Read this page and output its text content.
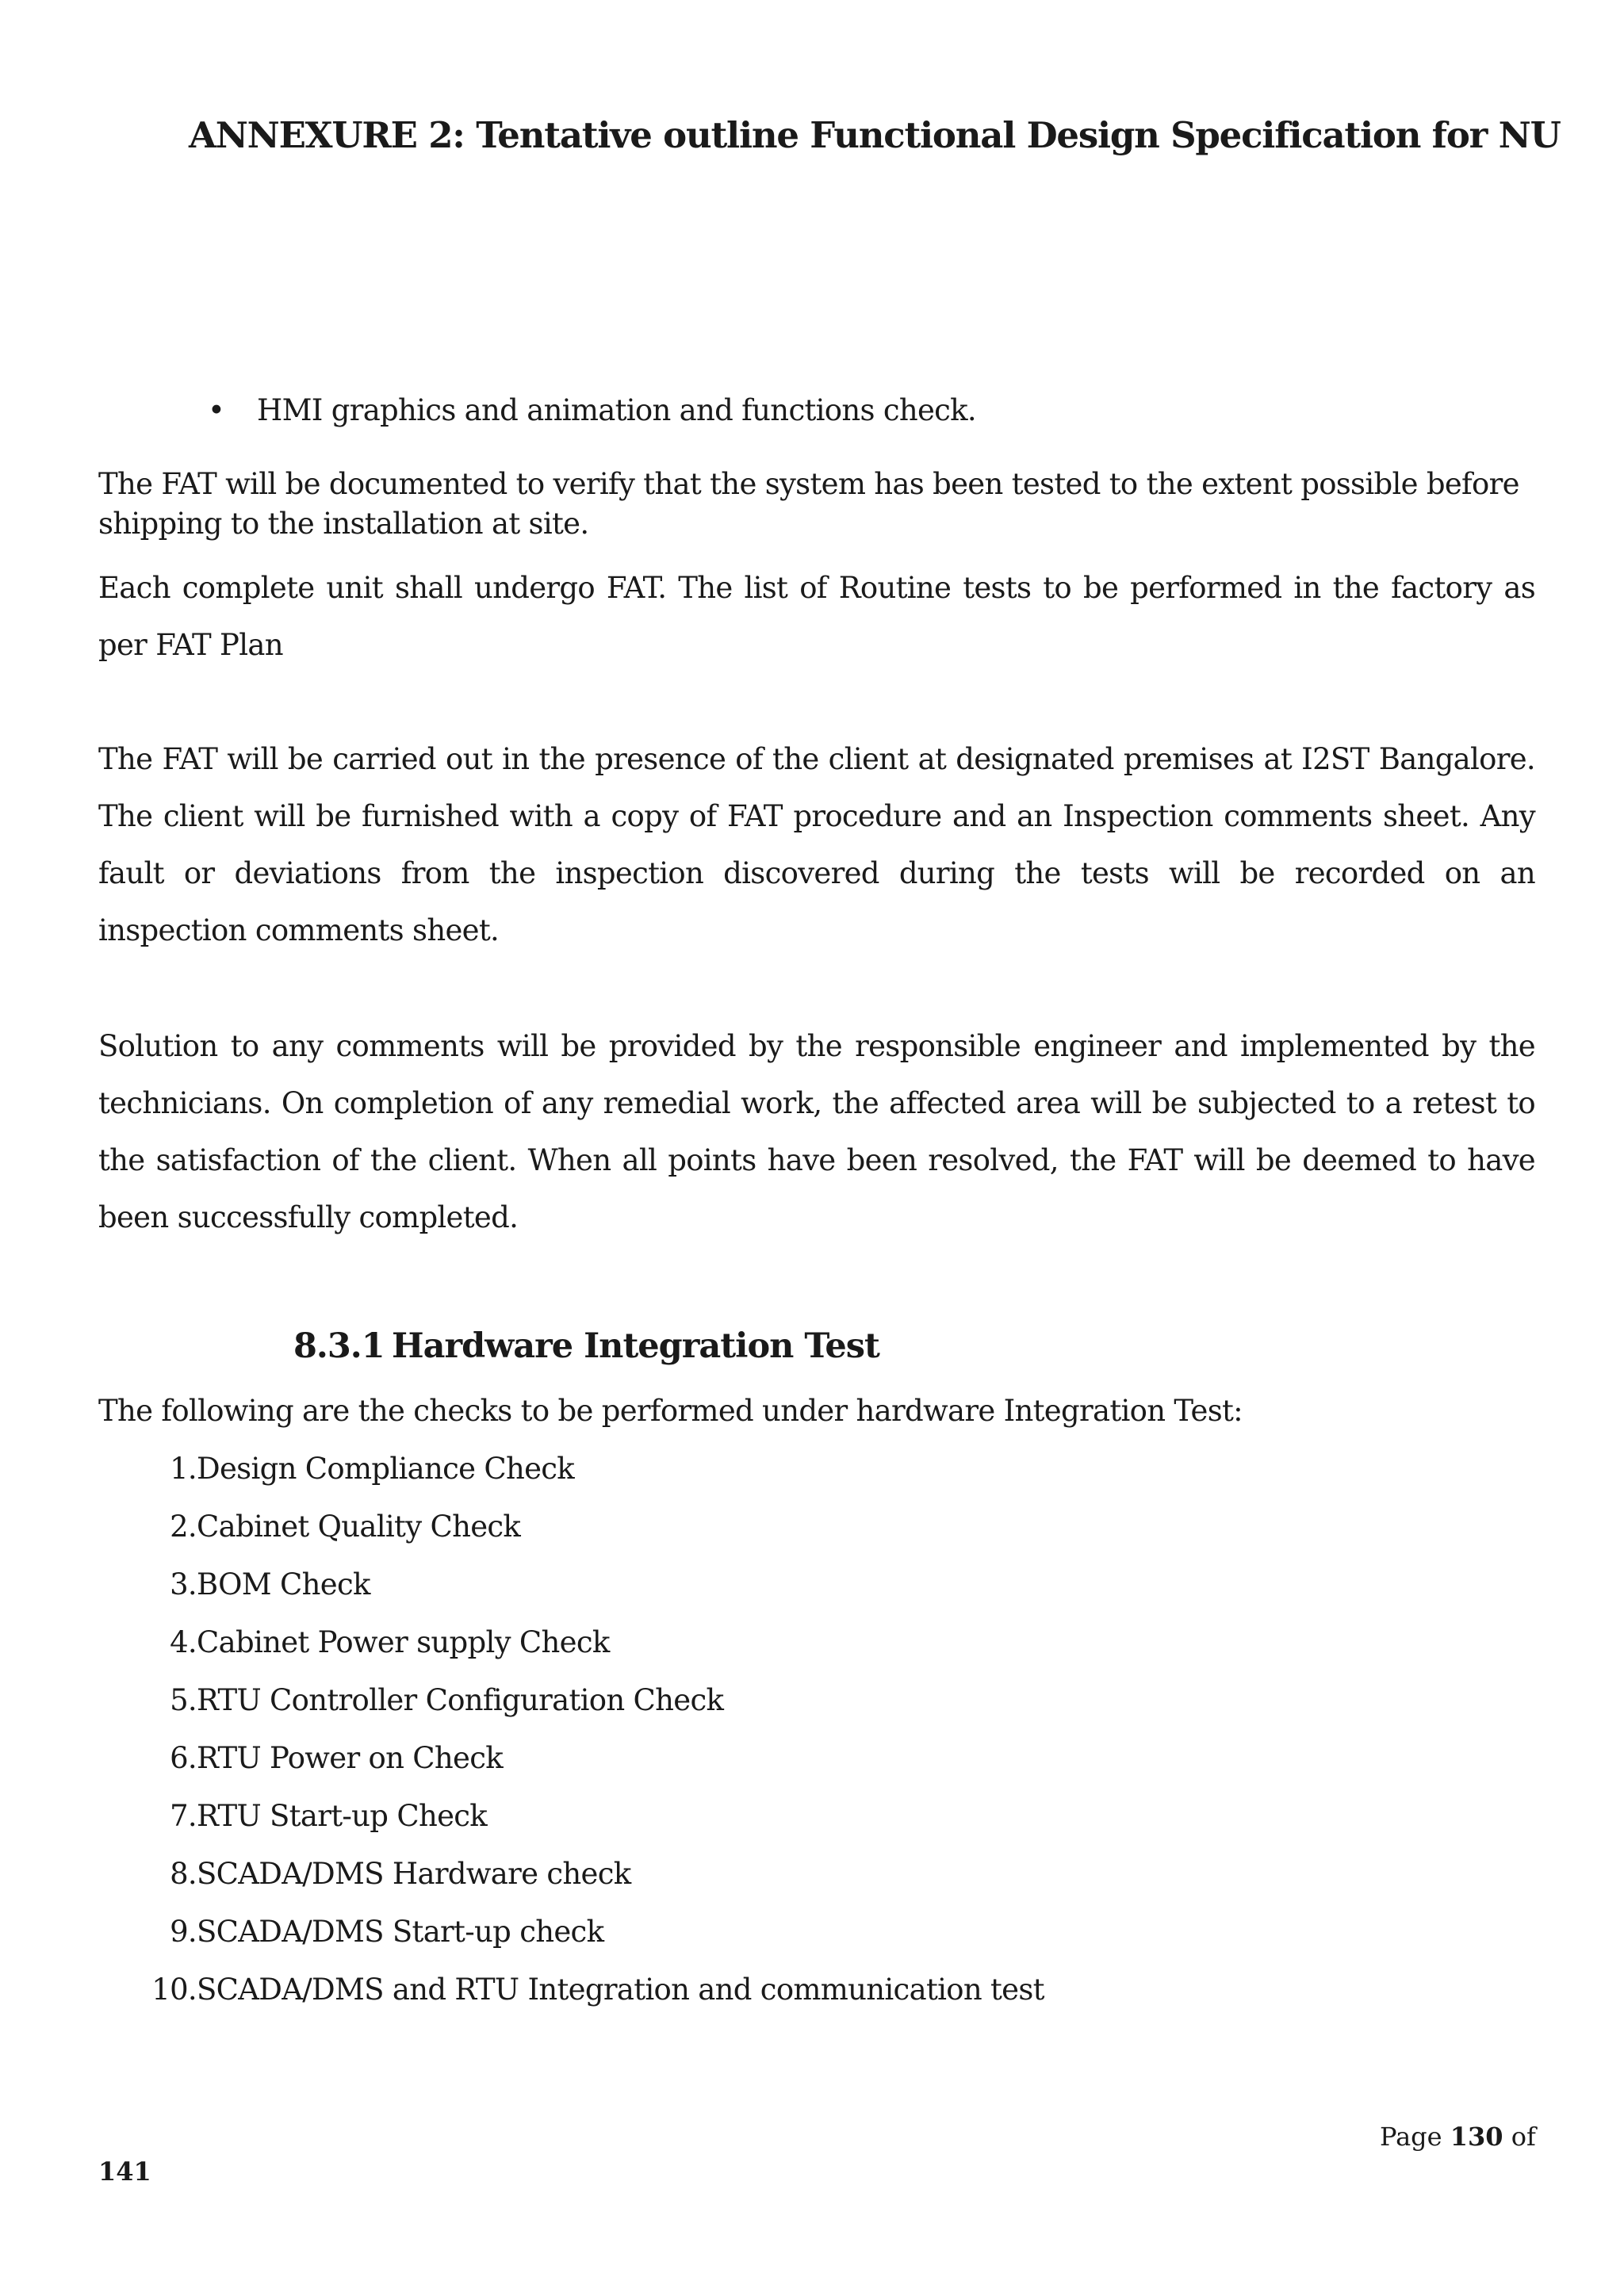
ANNEXURE 2: Tentative outline Functional Design Specification for NU
• HMI graphics and animation and functions check.

The FAT will be documented to verify that the system has been tested to the extent possible before shipping to the installation at site.

Each complete unit shall undergo FAT. The list of Routine tests to be performed in the factory as per FAT Plan

The FAT will be carried out in the presence of the client at designated premises at I2ST Bangalore. The client will be furnished with a copy of FAT procedure and an Inspection comments sheet. Any fault or deviations from the inspection discovered during the tests will be recorded on an inspection comments sheet.

Solution to any comments will be provided by the responsible engineer and implemented by the technicians. On completion of any remedial work, the affected area will be subjected to a retest to the satisfaction of the client. When all points have been resolved, the FAT will be deemed to have been successfully completed.

8.3.1 Hardware Integration Test

The following are the checks to be performed under hardware Integration Test:

1. Design Compliance Check
2. Cabinet Quality Check
3. BOM Check
4. Cabinet Power supply Check
5. RTU Controller Configuration Check
6. RTU Power on Check
7. RTU Start-up Check
8. SCADA/DMS Hardware check
9. SCADA/DMS Start-up check
10. SCADA/DMS and RTU Integration and communication test
Page 130 of
141
